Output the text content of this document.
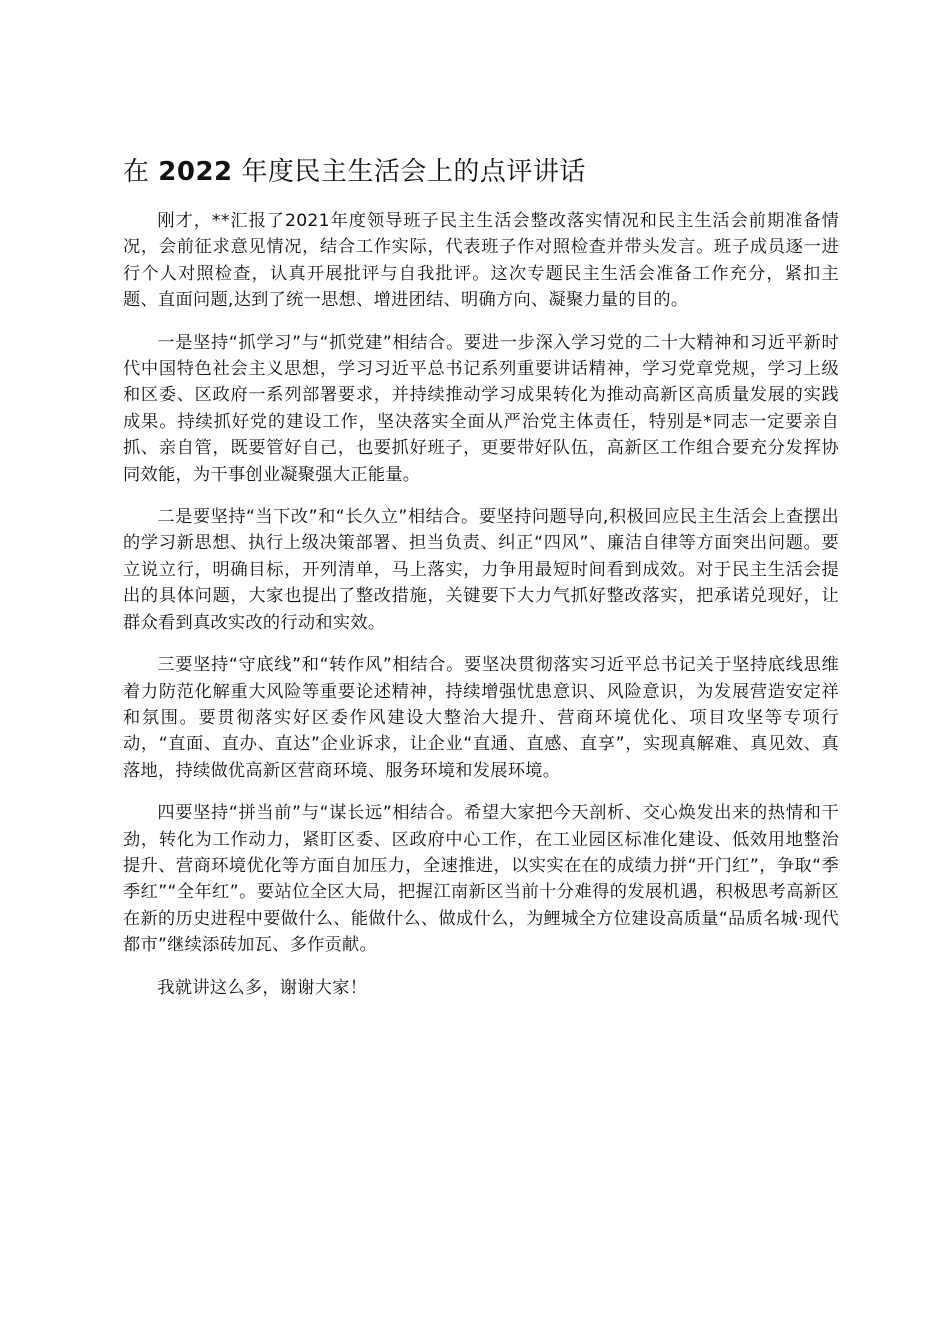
在 2022 年度民主生活会上的点评讲话

刚才，**汇报了2021年度领导班子民主生活会整改落实情况和民主生活会前期准备情况，会前征求意见情况，结合工作实际，代表班子作对照检查并带头发言。班子成员逐一进行个人对照检查，认真开展批评与自我批评。这次专题民主生活会准备工作充分，紧扣主题、直面问题,达到了统一思想、增进团结、明确方向、凝聚力量的目的。

一是坚持“抓学习”与“抓党建”相结合。要进一步深入学习党的二十大精神和习近平新时代中国特色社会主义思想，学习习近平总书记系列重要讲话精神，学习党章党规，学习上级和区委、区政府一系列部署要求，并持续推动学习成果转化为推动高新区高质量发展的实践成果。持续抓好党的建设工作，坚决落实全面从严治党主体责任，特别是*同志一定要亲自抓、亲自管，既要管好自己，也要抓好班子，更要带好队伍，高新区工作组合要充分发挥协同效能，为干事创业凝聚强大正能量。

二是要坚持“当下改”和“长久立”相结合。要坚持问题导向,积极回应民主生活会上查摆出的学习新思想、执行上级决策部署、担当负责、纠正“四风”、廉洁自律等方面突出问题。要立说立行，明确目标，开列清单，马上落实，力争用最短时间看到成效。对于民主生活会提出的具体问题，大家也提出了整改措施，关键要下大力气抓好整改落实，把承诺兑现好，让群众看到真改实改的行动和实效。

三要坚持“守底线”和“转作风”相结合。要坚决贯彻落实习近平总书记关于坚持底线思维着力防范化解重大风险等重要论述精神，持续增强忧患意识、风险意识，为发展营造安定祥和氛围。要贯彻落实好区委作风建设大整治大提升、营商环境优化、项目攻坚等专项行动，“直面、直办、直达”企业诉求，让企业“直通、直感、直享”，实现真解难、真见效、真落地，持续做优高新区营商环境、服务环境和发展环境。

四要坚持“拼当前”与“谋长远”相结合。希望大家把今天剖析、交心焕发出来的热情和干劲，转化为工作动力，紧盯区委、区政府中心工作，在工业园区标准化建设、低效用地整治提升、营商环境优化等方面自加压力，全速推进，以实实在在的成绩力拼“开门红”，争取“季季红”“全年红”。要站位全区大局，把握江南新区当前十分难得的发展机遇，积极思考高新区在新的历史进程中要做什么、能做什么、做成什么，为鲤城全方位建设高质量“品质名城·现代都市”继续添砖加瓦、多作贡献。

我就讲这么多，谢谢大家！
